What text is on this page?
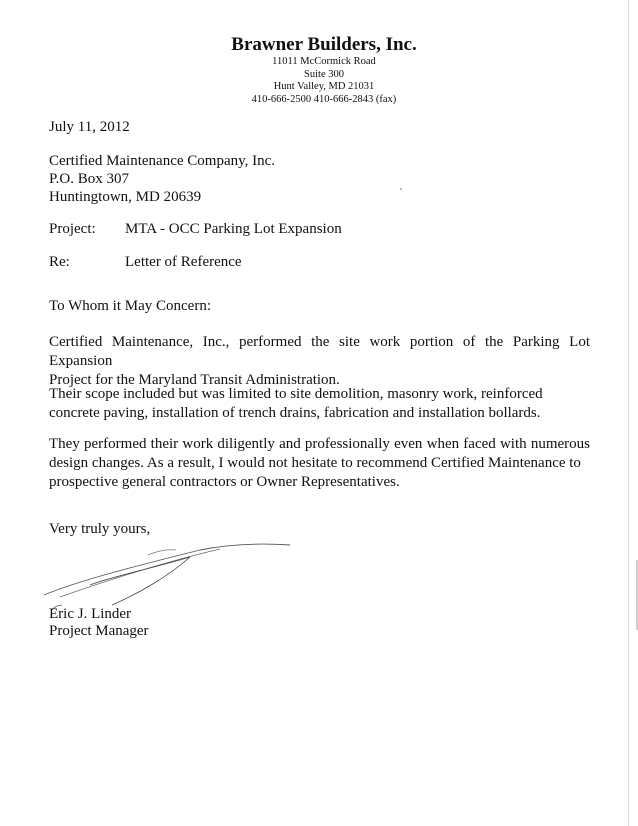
Brawner Builders, Inc.
11011 McCormick Road
Suite 300
Hunt Valley, MD 21031
410-666-2500 410-666-2843 (fax)
July 11, 2012
Certified Maintenance Company, Inc.
P.O. Box 307
Huntingtown, MD 20639
Project: MTA - OCC Parking Lot Expansion
Re:	Letter of Reference
To Whom it May Concern:
Certified Maintenance, Inc., performed the site work portion of the Parking Lot Expansion
Project for the Maryland Transit Administration.
Their scope included but was limited to site demolition, masonry work, reinforced
concrete paving, installation of trench drains, fabrication and installation bollards.
They performed their work diligently and professionally even when faced with numerous design changes. As a result, I would not hesitate to recommend Certified Maintenance to
prospective general contractors or Owner Representatives.
Very truly yours,
Eric J. Linder
Project Manager
